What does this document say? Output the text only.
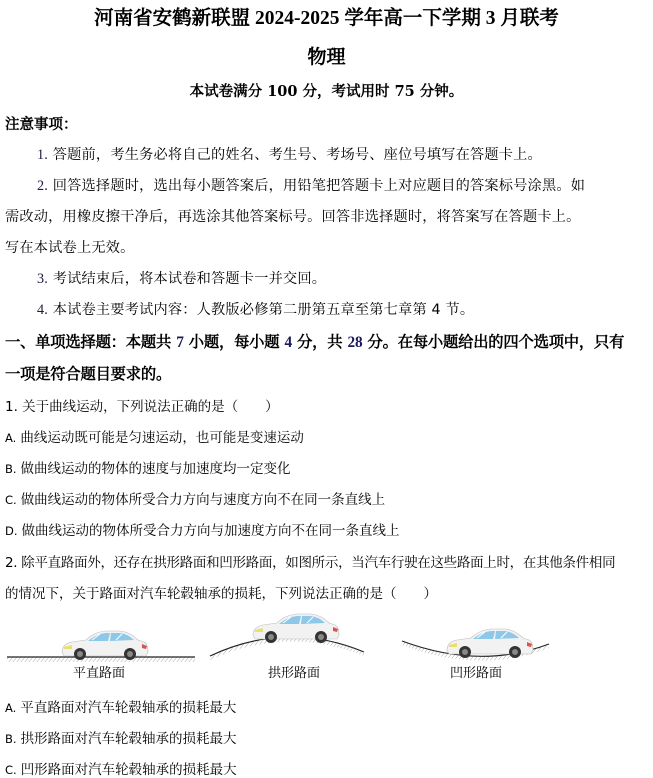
河南省安鹤新联盟 2024-2025 学年高一下学期 3 月联考
物理
本试卷满分 100 分，考试用时 75 分钟。
注意事项：
1. 答题前，考生务必将自己的姓名、考生号、考场号、座位号填写在答题卡上。
2. 回答选择题时，选出每小题答案后，用铅笔把答题卡上对应题目的答案标号涂黑。如
需改动，用橡皮擦干净后，再选涂其他答案标号。回答非选择题时，将答案写在答题卡上。
写在本试卷上无效。
3. 考试结束后，将本试卷和答题卡一并交回。
4. 本试卷主要考试内容：人教版必修第二册第五章至第七章第 4 节。
一、单项选择题：本题共 7 小题，每小题 4 分，共 28 分。在每小题给出的四个选项中，只有
一项是符合题目要求的。
1. 关于曲线运动，下列说法正确的是（　　）
A. 曲线运动既可能是匀速运动，也可能是变速运动
B. 做曲线运动的物体的速度与加速度均一定变化
C. 做曲线运动的物体所受合力方向与速度方向不在同一条直线上
D. 做曲线运动的物体所受合力方向与加速度方向不在同一条直线上
2. 除平直路面外，还存在拱形路面和凹形路面，如图所示，当汽车行驶在这些路面上时，在其他条件相同
的情况下，关于路面对汽车轮毂轴承的损耗，下列说法正确的是（　　）
平直路面	拱形路面	凹形路面
A. 平直路面对汽车轮毂轴承的损耗最大
B. 拱形路面对汽车轮毂轴承的损耗最大
C. 凹形路面对汽车轮毂轴承的损耗最大
